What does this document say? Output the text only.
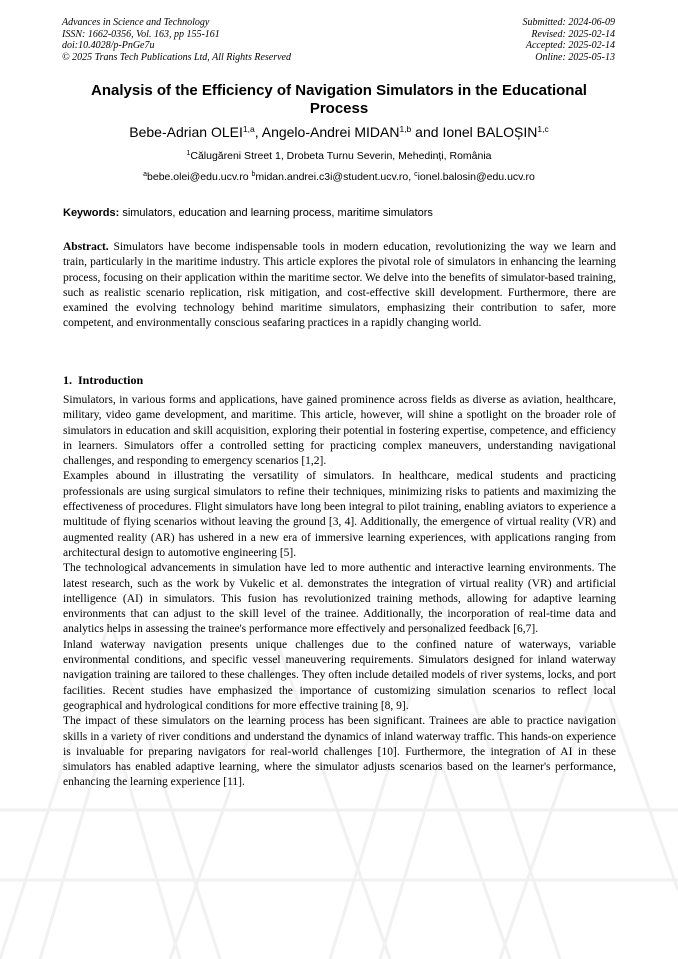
Advances in Science and Technology
ISSN: 1662-0356, Vol. 163, pp 155-161
doi:10.4028/p-PnGe7u
© 2025 Trans Tech Publications Ltd, All Rights Reserved
Submitted: 2024-06-09
Revised: 2025-02-14
Accepted: 2025-02-14
Online: 2025-05-13
Analysis of the Efficiency of Navigation Simulators in the Educational Process
Bebe-Adrian OLEI$^{1,a}$, Angelo-Andrei MIDAN$^{1,b}$ and Ionel BALOȘIN$^{1,c}$
$^1$Călugăreni Street 1, Drobeta Turnu Severin, Mehedinți, România
$^a$bebe.olei@edu.ucv.ro $^b$midan.andrei.c3i@student.ucv.ro, $^c$ionel.balosin@edu.ucv.ro
Keywords: simulators, education and learning process, maritime simulators
Abstract. Simulators have become indispensable tools in modern education, revolutionizing the way we learn and train, particularly in the maritime industry. This article explores the pivotal role of simulators in enhancing the learning process, focusing on their application within the maritime sector. We delve into the benefits of simulator-based training, such as realistic scenario replication, risk mitigation, and cost-effective skill development. Furthermore, there are examined the evolving technology behind maritime simulators, emphasizing their contribution to safer, more competent, and environmentally conscious seafaring practices in a rapidly changing world.
1. Introduction

Simulators, in various forms and applications, have gained prominence across fields as diverse as aviation, healthcare, military, video game development, and maritime. This article, however, will shine a spotlight on the broader role of simulators in education and skill acquisition, exploring their potential in fostering expertise, competence, and efficiency in learners. Simulators offer a controlled setting for practicing complex maneuvers, understanding navigational challenges, and responding to emergency scenarios [1,2].

Examples abound in illustrating the versatility of simulators. In healthcare, medical students and practicing professionals are using surgical simulators to refine their techniques, minimizing risks to patients and maximizing the effectiveness of procedures. Flight simulators have long been integral to pilot training, enabling aviators to experience a multitude of flying scenarios without leaving the ground [3, 4]. Additionally, the emergence of virtual reality (VR) and augmented reality (AR) has ushered in a new era of immersive learning experiences, with applications ranging from architectural design to automotive engineering [5].

The technological advancements in simulation have led to more authentic and interactive learning environments. The latest research, such as the work by Vukelic et al. demonstrates the integration of virtual reality (VR) and artificial intelligence (AI) in simulators. This fusion has revolutionized training methods, allowing for adaptive learning environments that can adjust to the skill level of the trainee. Additionally, the incorporation of real-time data and analytics helps in assessing the trainee's performance more effectively and personalized feedback [6,7].

Inland waterway navigation presents unique challenges due to the confined nature of waterways, variable environmental conditions, and specific vessel maneuvering requirements. Simulators designed for inland waterway navigation training are tailored to these challenges. They often include detailed models of river systems, locks, and port facilities. Recent studies have emphasized the importance of customizing simulation scenarios to reflect local geographical and hydrological conditions for more effective training [8, 9].

The impact of these simulators on the learning process has been significant. Trainees are able to practice navigation skills in a variety of river conditions and understand the dynamics of inland waterway traffic. This hands-on experience is invaluable for preparing navigators for real-world challenges [10]. Furthermore, the integration of AI in these simulators has enabled adaptive learning, where the simulator adjusts scenarios based on the learner's performance, enhancing the learning experience [11].
